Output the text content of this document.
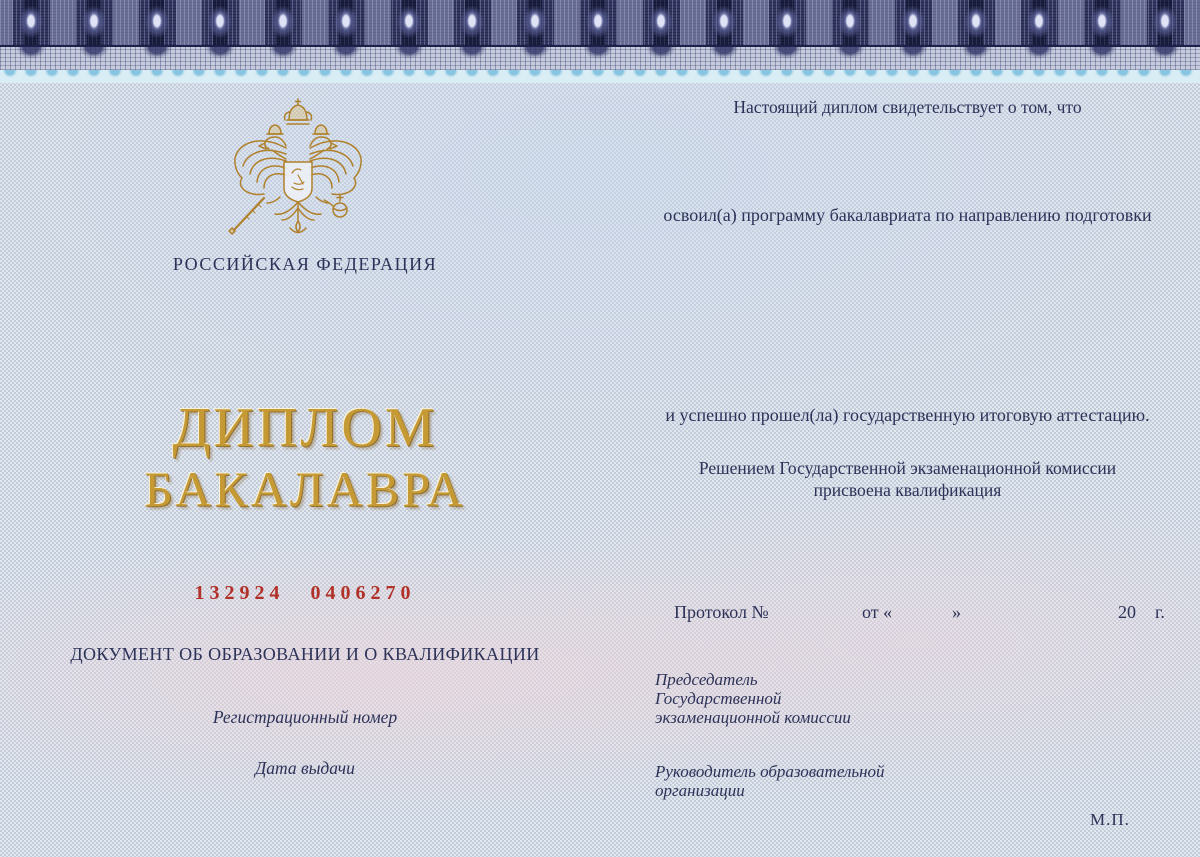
РОССИЙСКАЯ ФЕДЕРАЦИЯ
ДИПЛОМ
БАКАЛАВРА
132924 0406270
ДОКУМЕНТ ОБ ОБРАЗОВАНИИ И О КВАЛИФИКАЦИИ
Регистрационный номер
Дата выдачи
Настоящий диплом свидетельствует о том, что
освоил(а) программу бакалавриата по направлению подготовки
и успешно прошел(ла) государственную итоговую аттестацию.
Решением Государственной экзаменационной комиссии
присвоена квалификация
Протокол №	от «	»	20 г.
Председатель
Государственной
экзаменационной комиссии
Руководитель образовательной
организации
М.П.
